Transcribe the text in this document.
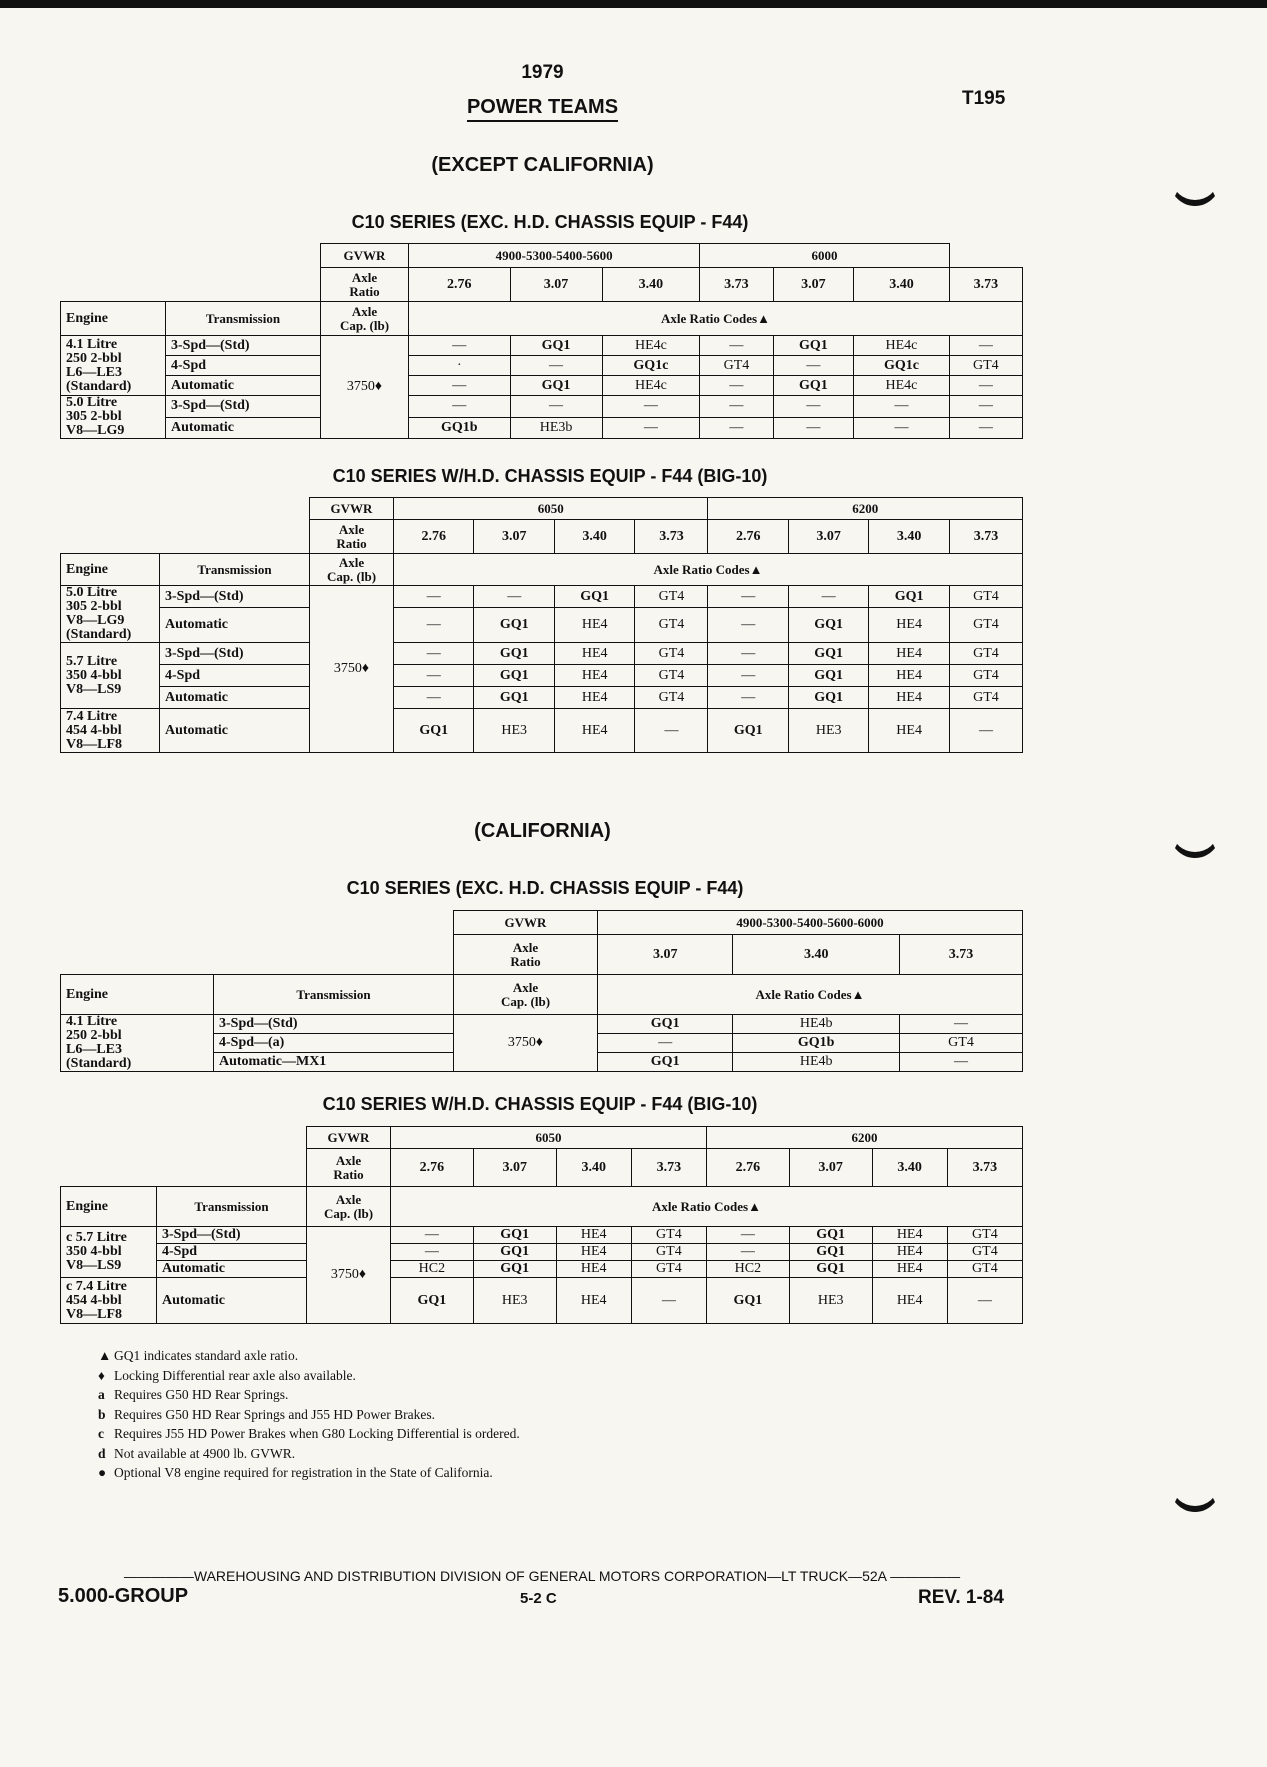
1979
POWER TEAMS	T195
(EXCEPT CALIFORNIA)
C10 SERIES (EXC. H.D. CHASSIS EQUIP - F44)
		GVWR	4900-5300-5400-5600			6000			

		Axle
Ratio	2.76	3.07	3.40	3.73	3.07	3.40	3.73
Engine	Transmission	Axle
Cap. (lb)	Axle Ratio Codes▲						

4.1 Litre
250 2-bbl
L6—LE3
(Standard)	3-Spd—(Std)	3750♦	—	GQ1	HE4c	—	GQ1	HE4c	—
	4-Spd		·	—	GQ1c	GT4	—	GQ1c	GT4
	Automatic		—	GQ1	HE4c	—	GQ1	HE4c	—

5.0 Litre
305 2-bbl
V8—LG9	3-Spd—(Std)		—	—	—	—	—	—	—
	Automatic		GQ1b	HE3b	—	—	—	—	—
C10 SERIES W/H.D. CHASSIS EQUIP - F44 (BIG-10)
		GVWR	6050				6200			

		Axle
Ratio	2.76	3.07	3.40	3.73	2.76	3.07	3.40	3.73
Engine	Transmission	Axle
Cap. (lb)	Axle Ratio Codes▲							

5.0 Litre
305 2-bbl
V8—LG9
(Standard)	3-Spd—(Std)	3750♦	—	—	GQ1	GT4	—	—	GQ1	GT4
	Automatic		—	GQ1	HE4	GT4	—	GQ1	HE4	GT4

5.7 Litre
350 4-bbl
V8—LS9	3-Spd—(Std)		—	GQ1	HE4	GT4	—	GQ1	HE4	GT4
	4-Spd		—	GQ1	HE4	GT4	—	GQ1	HE4	GT4
	Automatic		—	GQ1	HE4	GT4	—	GQ1	HE4	GT4

7.4 Litre
454 4-bbl
V8—LF8	Automatic		GQ1	HE3	HE4	—	GQ1	HE3	HE4	—
(CALIFORNIA)
C10 SERIES (EXC. H.D. CHASSIS EQUIP - F44)
		GVWR	4900-5300-5400-5600-6000		

		Axle
Ratio	3.07	3.40	3.73
Engine	Transmission	Axle
Cap. (lb)	Axle Ratio Codes▲		

4.1 Litre
250 2-bbl
L6—LE3
(Standard)	3-Spd—(Std)	3750♦	GQ1	HE4b	—
	4-Spd—(a)		—	GQ1b	GT4
	Automatic—MX1		GQ1	HE4b	—
C10 SERIES W/H.D. CHASSIS EQUIP - F44 (BIG-10)
		GVWR	6050				6200			

		Axle
Ratio	2.76	3.07	3.40	3.73	2.76	3.07	3.40	3.73
Engine	Transmission	Axle
Cap. (lb)	Axle Ratio Codes▲							

c 5.7 Litre
350 4-bbl
V8—LS9	3-Spd—(Std)	3750♦	—	GQ1	HE4	GT4	—	GQ1	HE4	GT4
	4-Spd		—	GQ1	HE4	GT4	—	GQ1	HE4	GT4
	Automatic		HC2	GQ1	HE4	GT4	HC2	GQ1	HE4	GT4

c 7.4 Litre
454 4-bbl
V8—LF8	Automatic		GQ1	HE3	HE4	—	GQ1	HE3	HE4	—
▲ GQ1 indicates standard axle ratio.
♦ Locking Differential rear axle also available.
a Requires G50 HD Rear Springs.
b Requires G50 HD Rear Springs and J55 HD Power Brakes.
c Requires J55 HD Power Brakes when G80 Locking Differential is ordered.
d Not available at 4900 lb. GVWR.
● Optional V8 engine required for registration in the State of California.
—————WAREHOUSING AND DISTRIBUTION DIVISION OF GENERAL MOTORS CORPORATION—LT TRUCK—52A —————
5.000-GROUP	5-2 C	REV. 1-84
